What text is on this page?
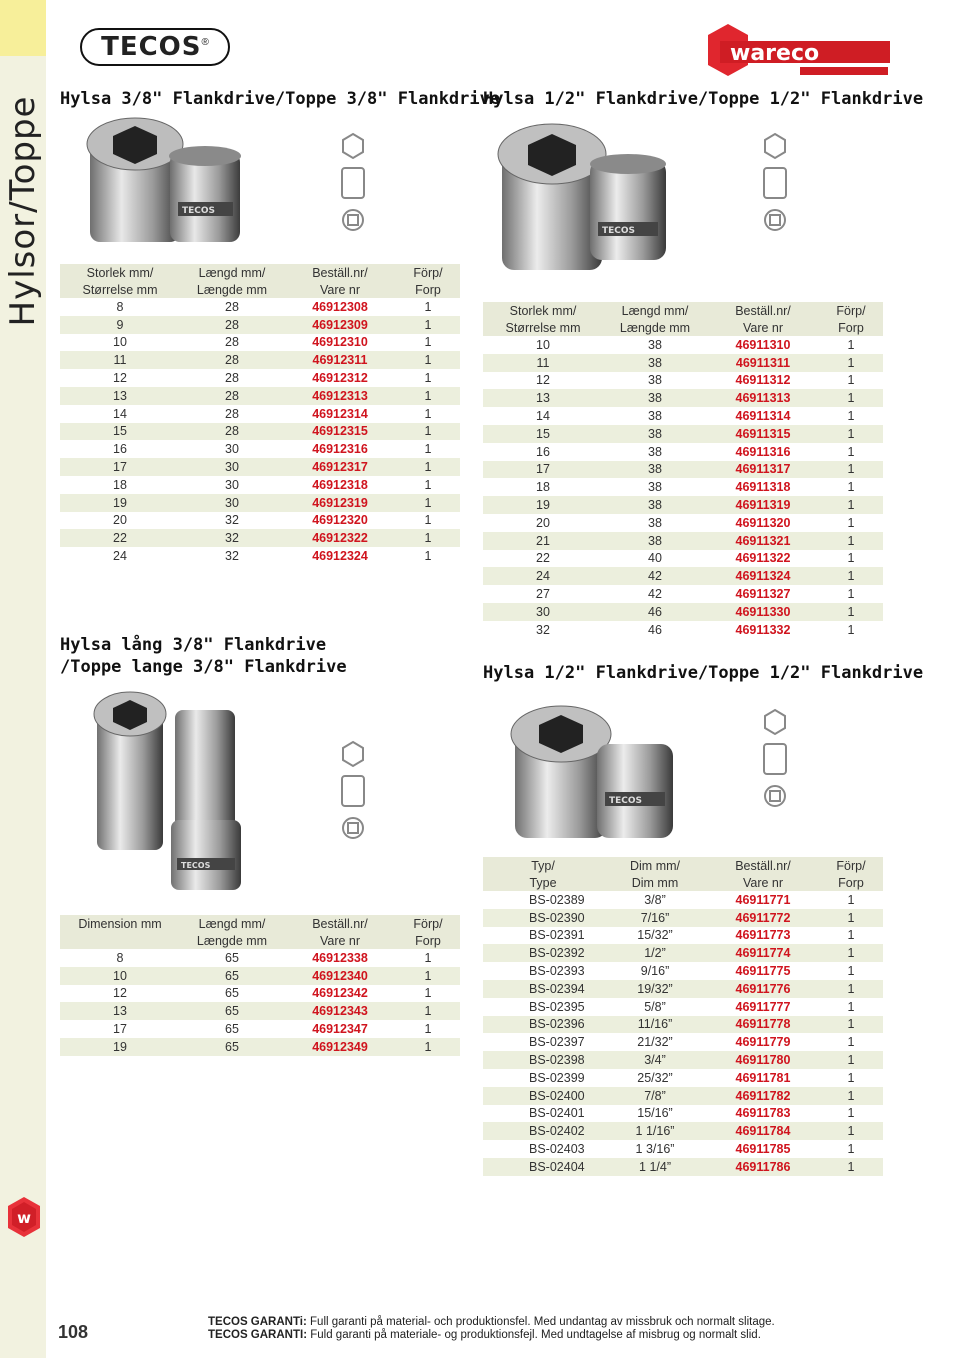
Hylsor/Toppe
w
108
TECOS®	wareco
Hylsa 3/8" Flankdrive/Toppe 3/8" Flankdrive
Hylsa 1/2" Flankdrive/Toppe 1/2" Flankdrive
Hylsa lång 3/8" Flankdrive
/Toppe lange 3/8" Flankdrive	Hylsa 1/2" Flankdrive/Toppe 1/2" Flankdrive
TECOS
TECOS
TECOS
TECOS
Storlek mm/	Længd mm/	Beställ.nr/	Förp/
Størrelse mm	Længde mm	Vare nr	Forp
8	28	46912308	1
9	28	46912309	1
10	28	46912310	1
11	28	46912311	1
12	28	46912312	1
13	28	46912313	1
14	28	46912314	1
15	28	46912315	1
16	30	46912316	1
17	30	46912317	1
18	30	46912318	1
19	30	46912319	1
20	32	46912320	1
22	32	46912322	1
24	32	46912324	1
Storlek mm/	Længd mm/	Beställ.nr/	Förp/
Størrelse mm	Længde mm	Vare nr	Forp
10	38	46911310	1
11	38	46911311	1
12	38	46911312	1
13	38	46911313	1
14	38	46911314	1
15	38	46911315	1
16	38	46911316	1
17	38	46911317	1
18	38	46911318	1
19	38	46911319	1
20	38	46911320	1
21	38	46911321	1
22	40	46911322	1
24	42	46911324	1
27	42	46911327	1
30	46	46911330	1
32	46	46911332	1
Dimension mm	Længd mm/	Beställ.nr/	Förp/
	Længde mm	Vare nr	Forp
8	65	46912338	1
10	65	46912340	1
12	65	46912342	1
13	65	46912343	1
17	65	46912347	1
19	65	46912349	1
Typ/	Dim mm/	Beställ.nr/	Förp/
Type	Dim mm	Vare nr	Forp
BS-02389	3/8”	46911771	1
BS-02390	7/16”	46911772	1
BS-02391	15/32”	46911773	1
BS-02392	1/2”	46911774	1
BS-02393	9/16”	46911775	1
BS-02394	19/32”	46911776	1
BS-02395	5/8”	46911777	1
BS-02396	11/16”	46911778	1
BS-02397	21/32”	46911779	1
BS-02398	3/4”	46911780	1
BS-02399	25/32”	46911781	1
BS-02400	7/8”	46911782	1
BS-02401	15/16”	46911783	1
BS-02402	1 1/16”	46911784	1
BS-02403	1 3/16”	46911785	1
BS-02404	1 1/4”	46911786	1
TECOS GARANTi: Full garanti på material- och produktionsfel. Med undantag av missbruk och normalt slitage.
TECOS GARANTI: Fuld garanti på materiale- og produktionsfejl. Med undtagelse af misbrug og normalt slid.
